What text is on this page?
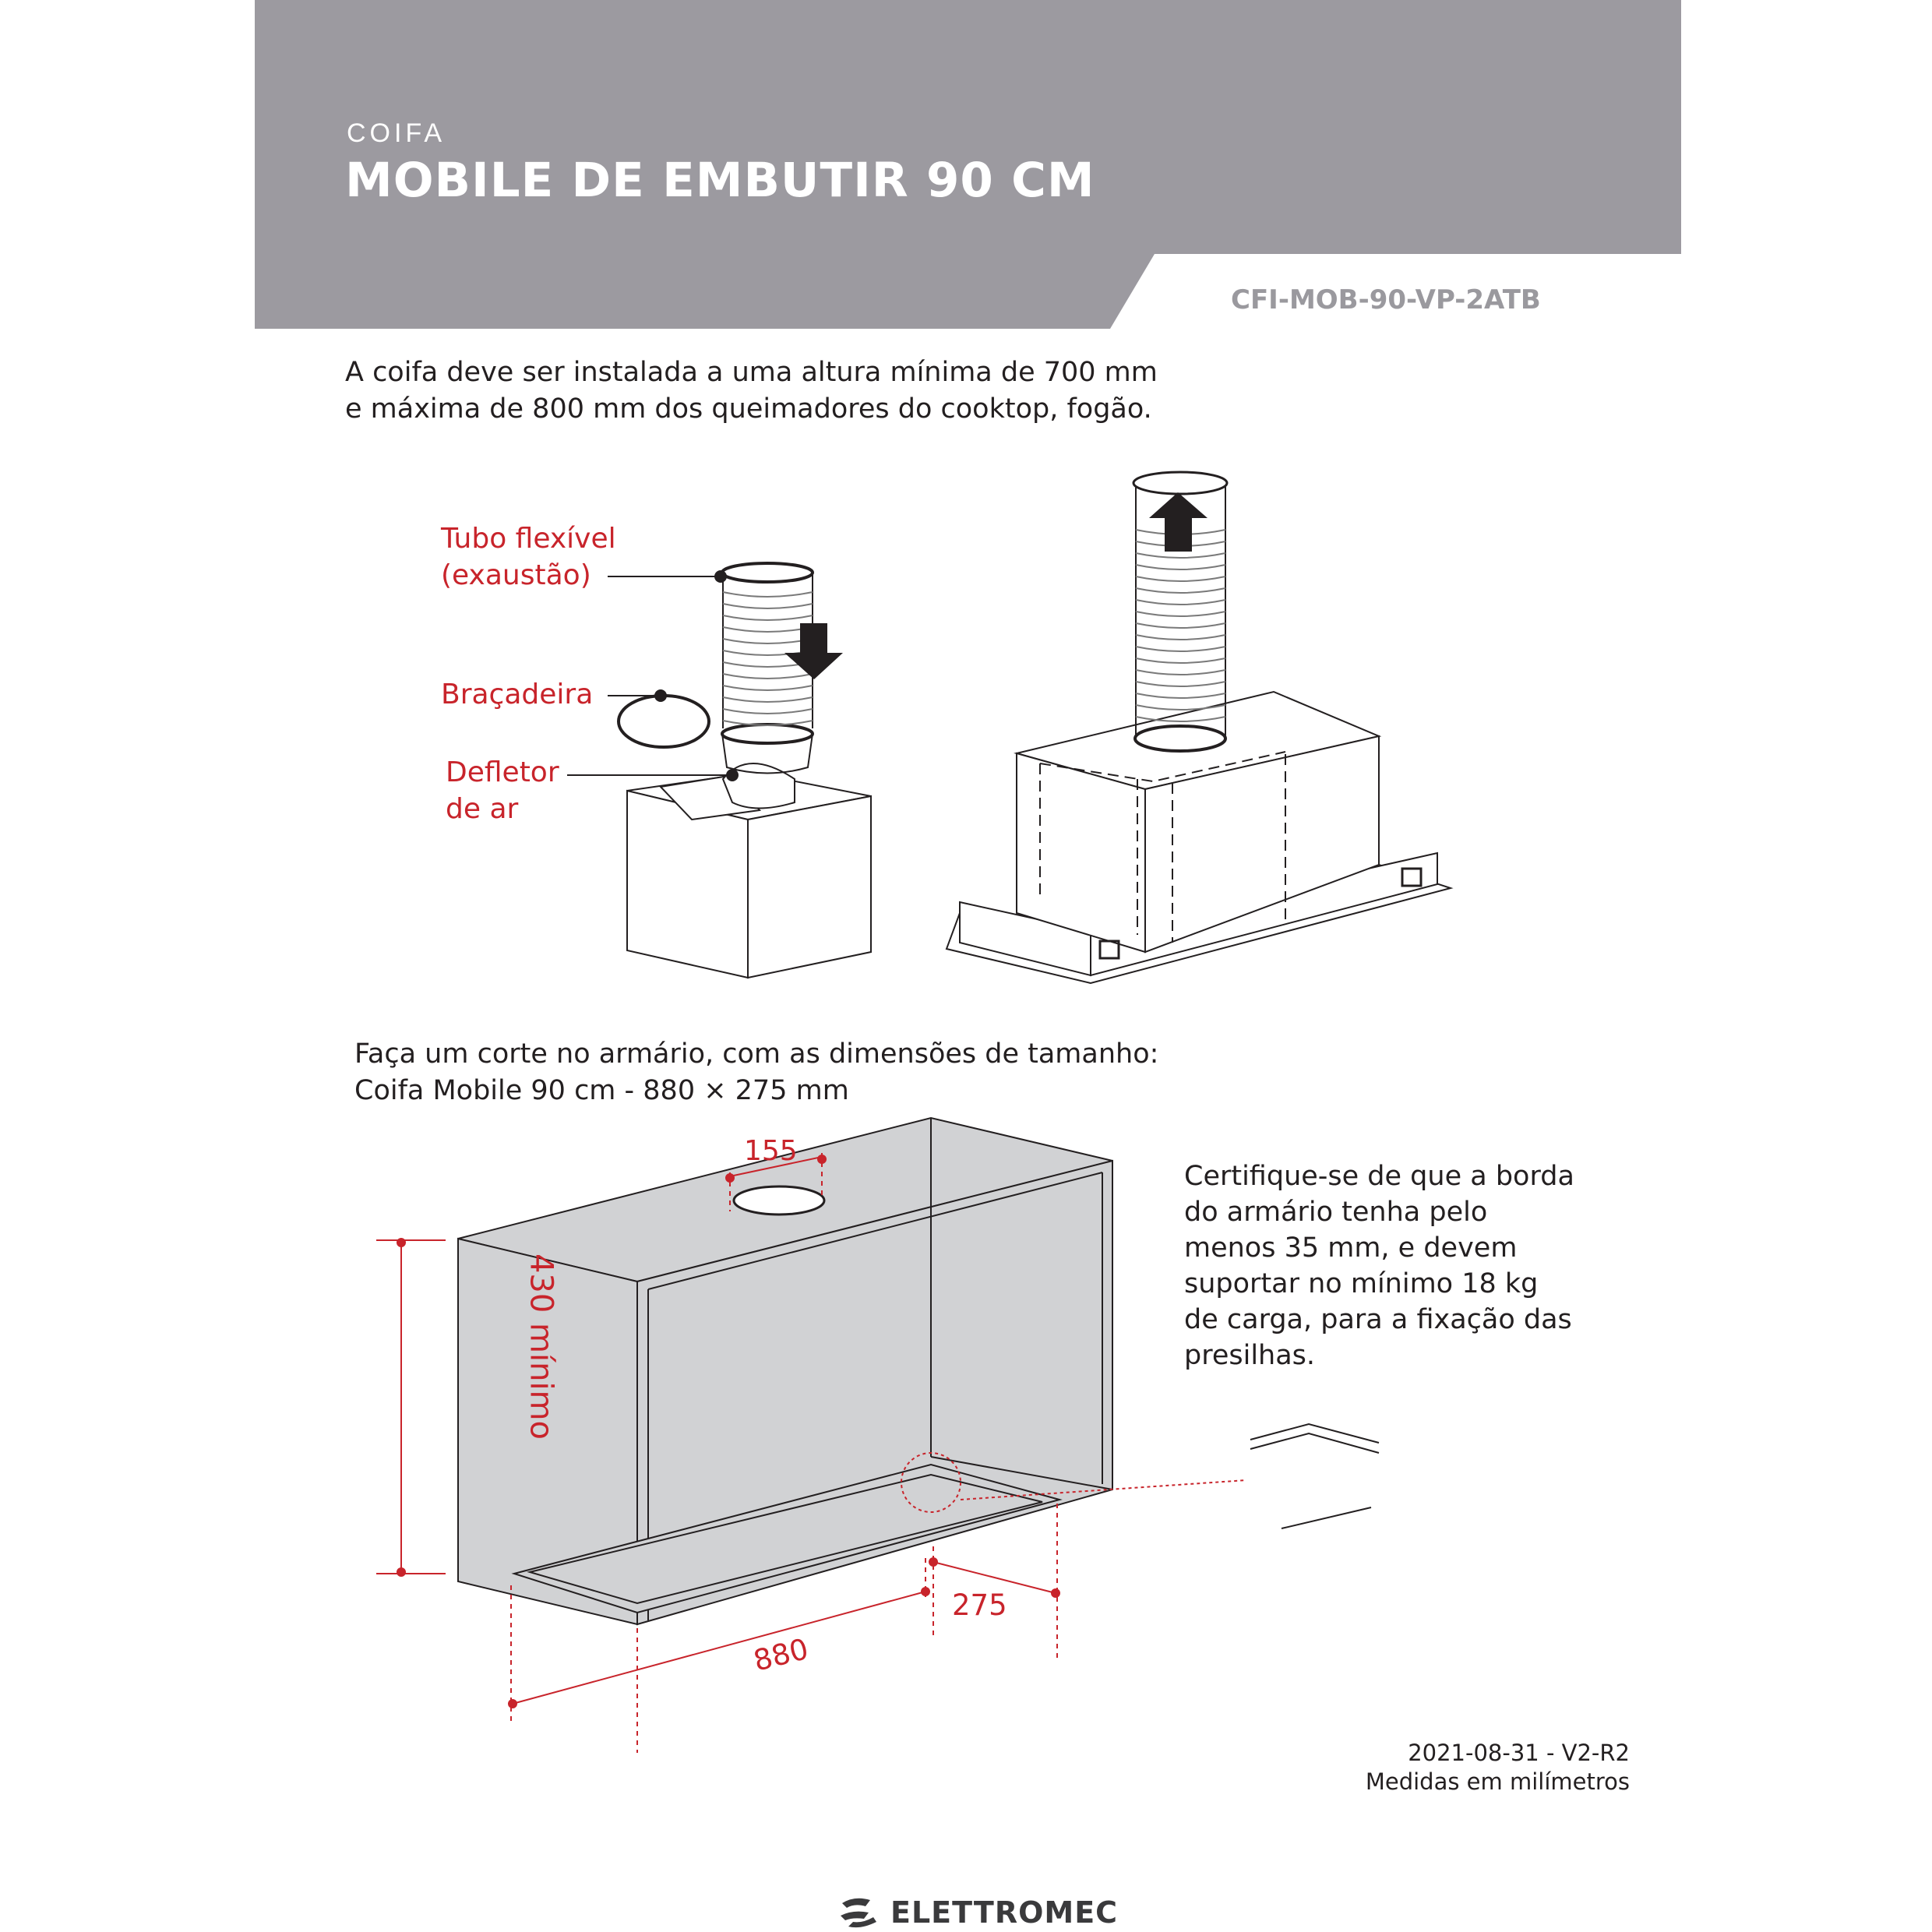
COIFA

MOBILE DE EMBUTIR 90 CM

CFI-MOB-90-VP-2ATB

A coifa deve ser instalada a uma altura mínima de 700 mm
e máxima de 800 mm dos queimadores do cooktop, fogão.
Tubo flexível
(exaustão)
Braçadeira
Defletor
de ar
Faça um corte no armário, com as dimensões de tamanho:
Coifa Mobile 90 cm - 880 × 275 mm
155
430 mínimo
275
880
Certifique-se de que a borda
do armário tenha pelo
menos 35 mm, e devem
suportar no mínimo 18 kg
de carga, para a fixação das
presilhas.
2021-08-31 - V2-R2
Medidas em milímetros
ELETTROMEC
